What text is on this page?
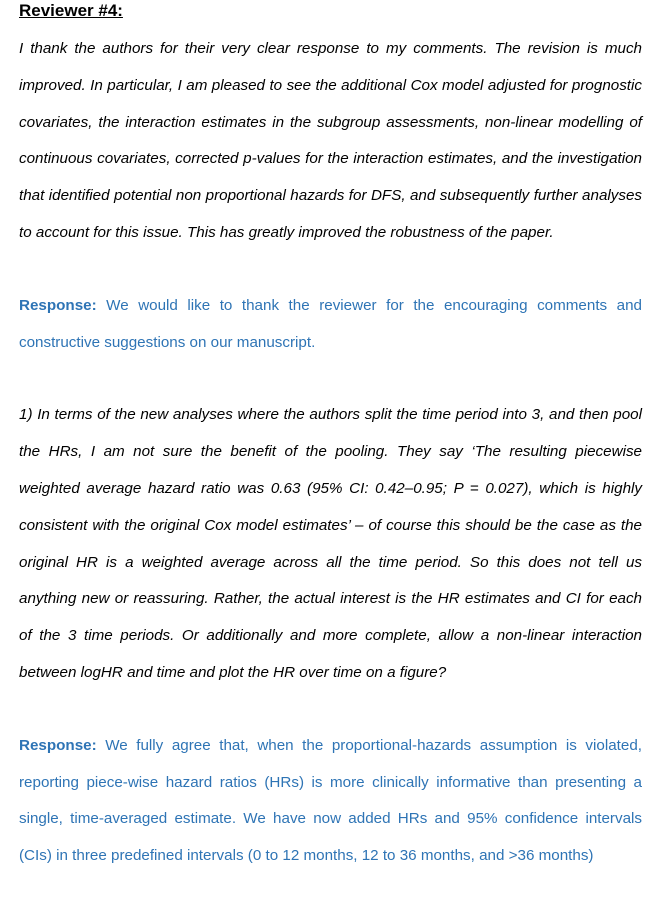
Reviewer #4:

I thank the authors for their very clear response to my comments. The revision is much improved. In particular, I am pleased to see the additional Cox model adjusted for prognostic covariates, the interaction estimates in the subgroup assessments, non-linear modelling of continuous covariates, corrected p-values for the interaction estimates, and the investigation that identified potential non proportional hazards for DFS, and subsequently further analyses to account for this issue. This has greatly improved the robustness of the paper.

Response: We would like to thank the reviewer for the encouraging comments and constructive suggestions on our manuscript.

1) In terms of the new analyses where the authors split the time period into 3, and then pool the HRs, I am not sure the benefit of the pooling. They say ‘The resulting piecewise weighted average hazard ratio was 0.63 (95% CI: 0.42–0.95; P = 0.027), which is highly consistent with the original Cox model estimates’ – of course this should be the case as the original HR is a weighted average across all the time period. So this does not tell us anything new or reassuring. Rather, the actual interest is the HR estimates and CI for each of the 3 time periods. Or additionally and more complete, allow a non-linear interaction between logHR and time and plot the HR over time on a figure?

Response: We fully agree that, when the proportional-hazards assumption is violated, reporting piece-wise hazard ratios (HRs) is more clinically informative than presenting a single, time-averaged estimate. We have now added HRs and 95% confidence intervals (CIs) in three predefined intervals (0 to 12 months, 12 to 36 months, and >36 months)
